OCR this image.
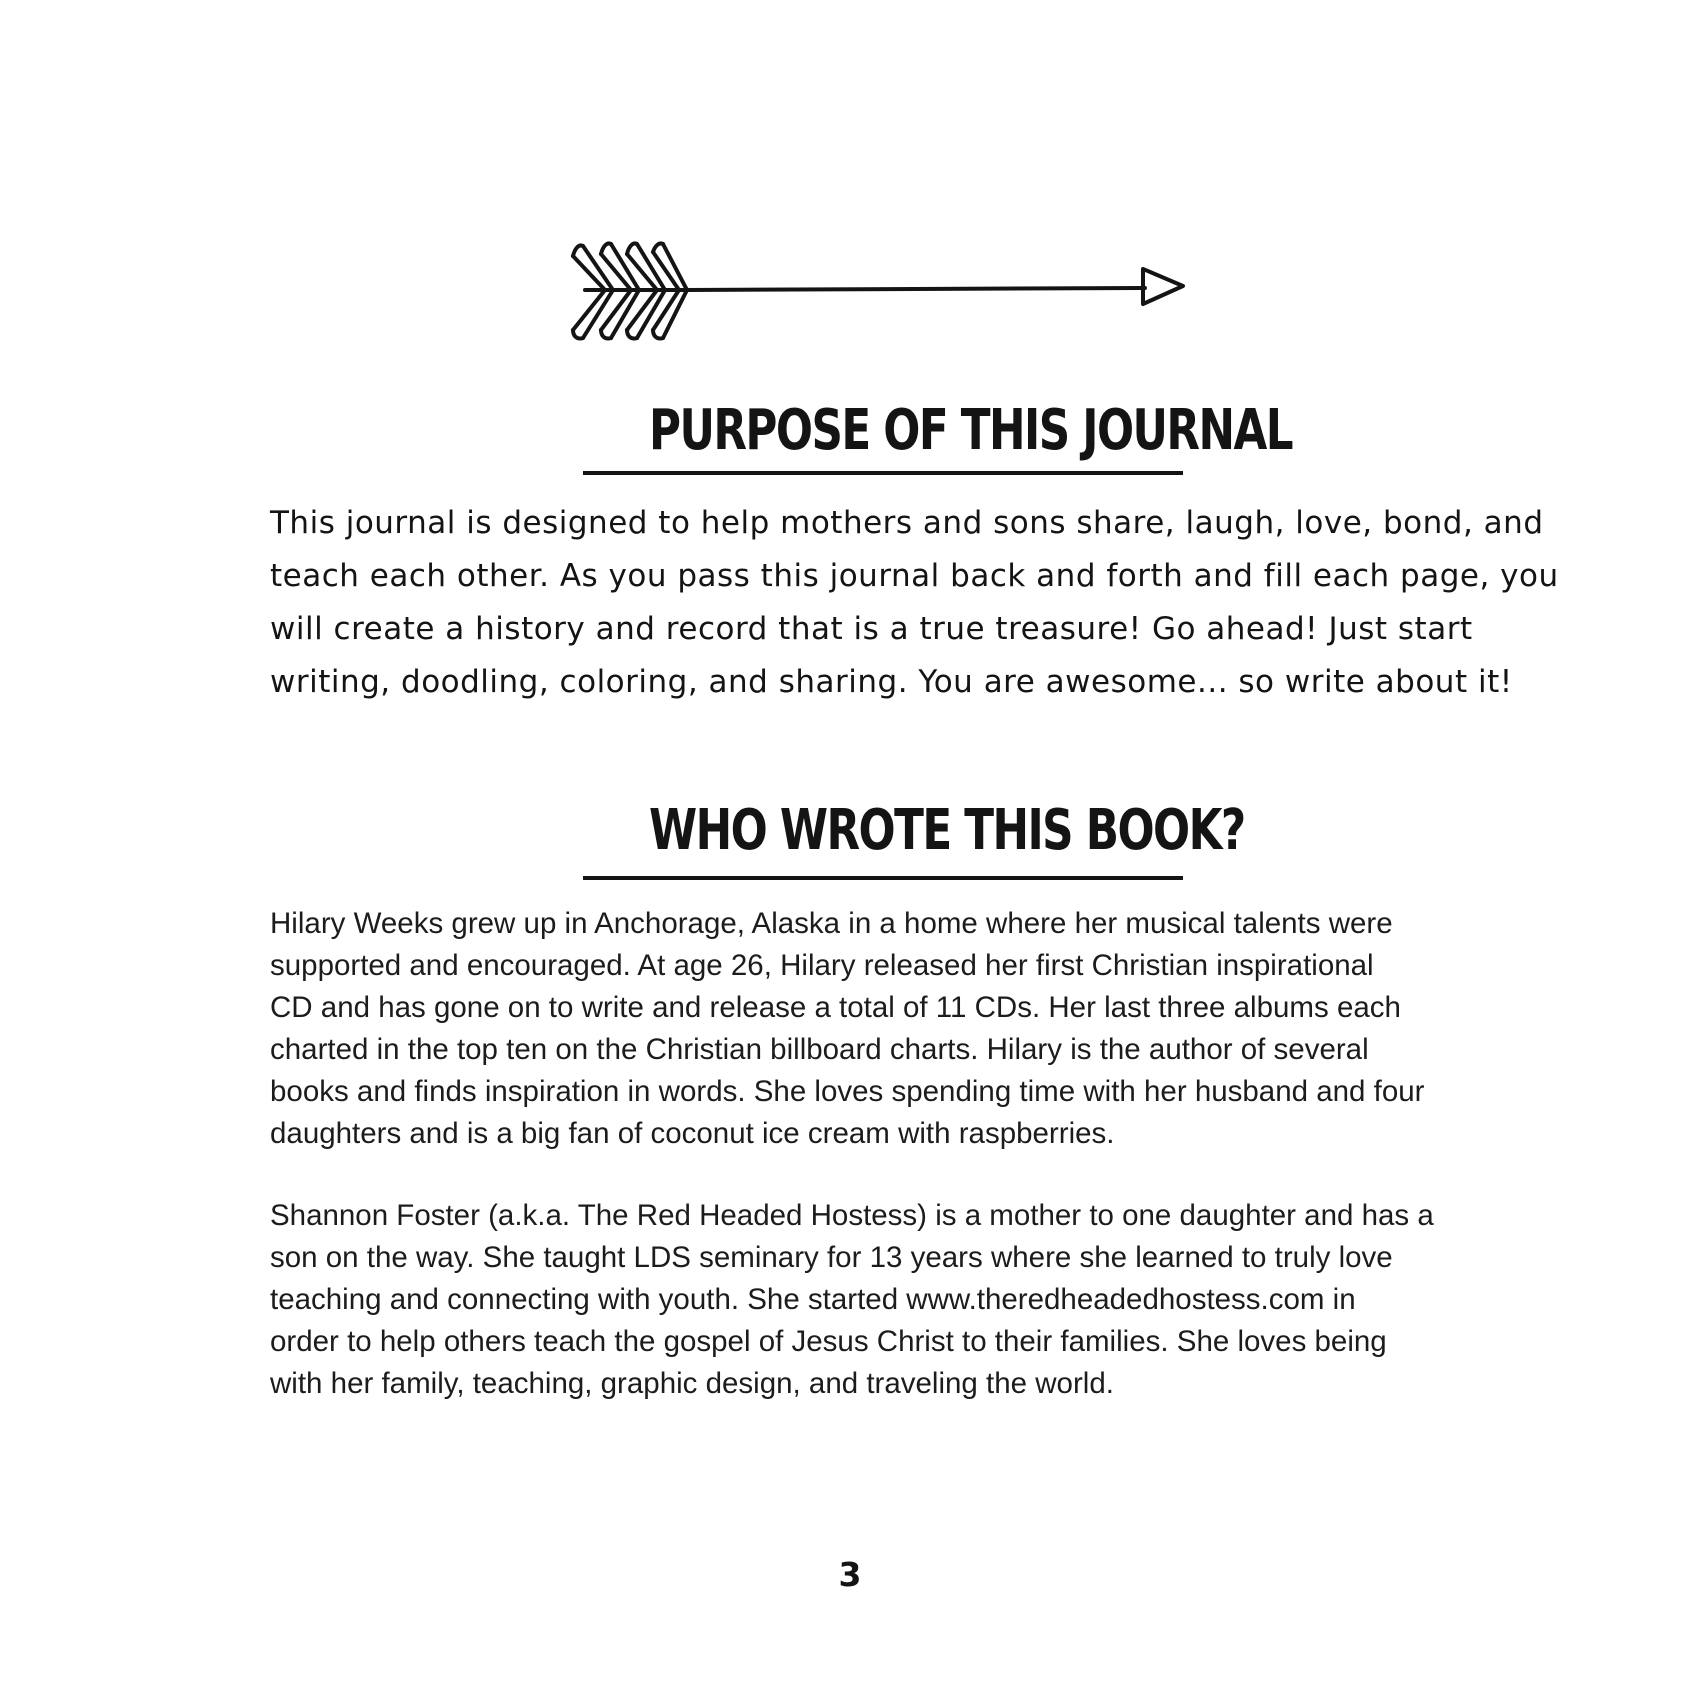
PURPOSE OF THIS JOURNAL
This journal is designed to help mothers and sons share, laugh, love, bond, and
teach each other. As you pass this journal back and forth and fill each page, you
will create a history and record that is a true treasure! Go ahead! Just start
writing, doodling, coloring, and sharing. You are awesome... so write about it!
WHO WROTE THIS BOOK?
Hilary Weeks grew up in Anchorage, Alaska in a home where her musical talents were
supported and encouraged. At age 26, Hilary released her first Christian inspirational
CD and has gone on to write and release a total of 11 CDs. Her last three albums each
charted in the top ten on the Christian billboard charts. Hilary is the author of several
books and finds inspiration in words. She loves spending time with her husband and four
daughters and is a big fan of coconut ice cream with raspberries.
Shannon Foster (a.k.a. The Red Headed Hostess) is a mother to one daughter and has a
son on the way. She taught LDS seminary for 13 years where she learned to truly love
teaching and connecting with youth. She started www.theredheadedhostess.com in
order to help others teach the gospel of Jesus Christ to their families. She loves being
with her family, teaching, graphic design, and traveling the world.
3
